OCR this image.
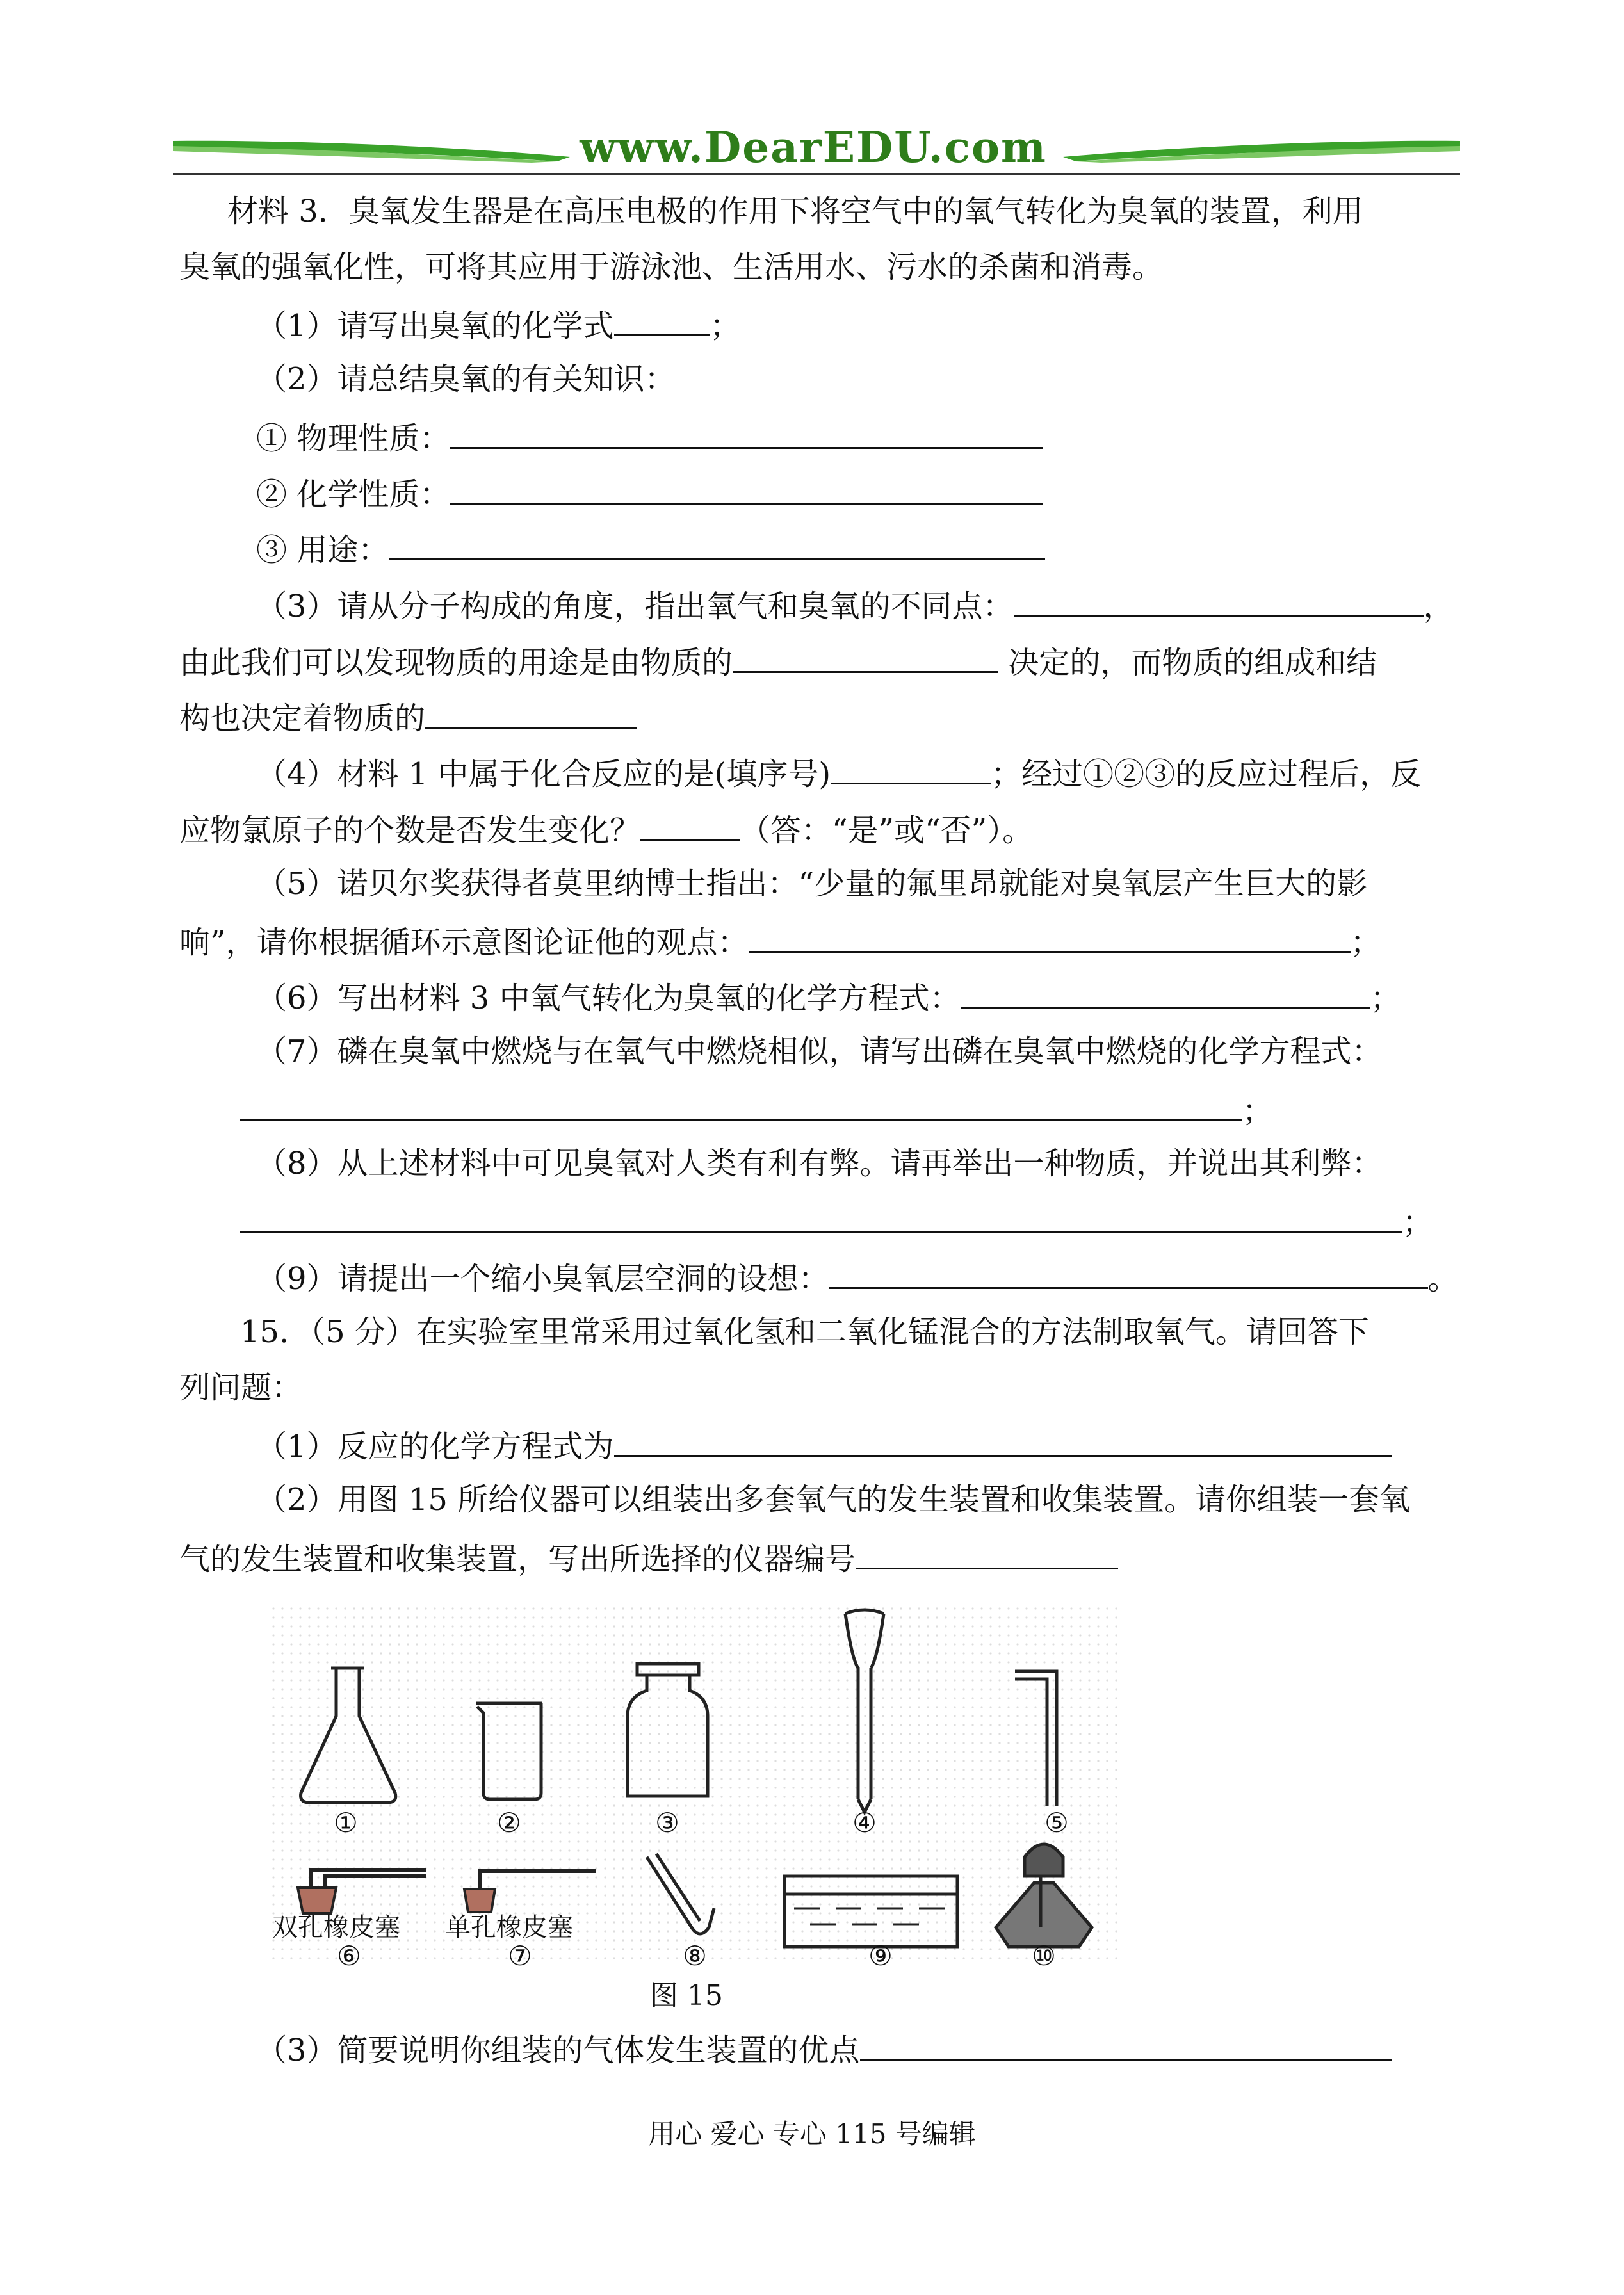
www.DearEDU.com
材料 3．臭氧发生器是在高压电极的作用下将空气中的氧气转化为臭氧的装置，利用
臭氧的强氧化性，可将其应用于游泳池、生活用水、污水的杀菌和消毒。
（1）请写出臭氧的化学式	；
（2）请总结臭氧的有关知识：
① 物理性质：
② 化学性质：
③ 用途：
（3）请从分子构成的角度，指出氧气和臭氧的不同点：	，
由此我们可以发现物质的用途是由物质的	决定的，而物质的组成和结
构也决定着物质的
（4）材料 1 中属于化合反应的是(填序号)	；经过①②③的反应过程后，反
应物氯原子的个数是否发生变化？	（答：“是”或“否”）。
（5）诺贝尔奖获得者莫里纳博士指出：“少量的氟里昂就能对臭氧层产生巨大的影
响”，请你根据循环示意图论证他的观点：	；
（6）写出材料 3 中氧气转化为臭氧的化学方程式：	；
（7）磷在臭氧中燃烧与在氧气中燃烧相似，请写出磷在臭氧中燃烧的化学方程式：
；
（8）从上述材料中可见臭氧对人类有利有弊。请再举出一种物质，并说出其利弊：
；
（9）请提出一个缩小臭氧层空洞的设想：	。
15．（5 分）在实验室里常采用过氧化氢和二氧化锰混合的方法制取氧气。请回答下
列问题：
（1）反应的化学方程式为
（2）用图 15 所给仪器可以组装出多套氧气的发生装置和收集装置。请你组装一套氧
气的发生装置和收集装置，写出所选择的仪器编号
①	②	③	④	⑤
双孔橡皮塞 单孔橡皮塞
⑥	⑦	⑧	⑨	⑩
图 15
（3）简要说明你组装的气体发生装置的优点
用心 爱心 专心 115 号编辑
